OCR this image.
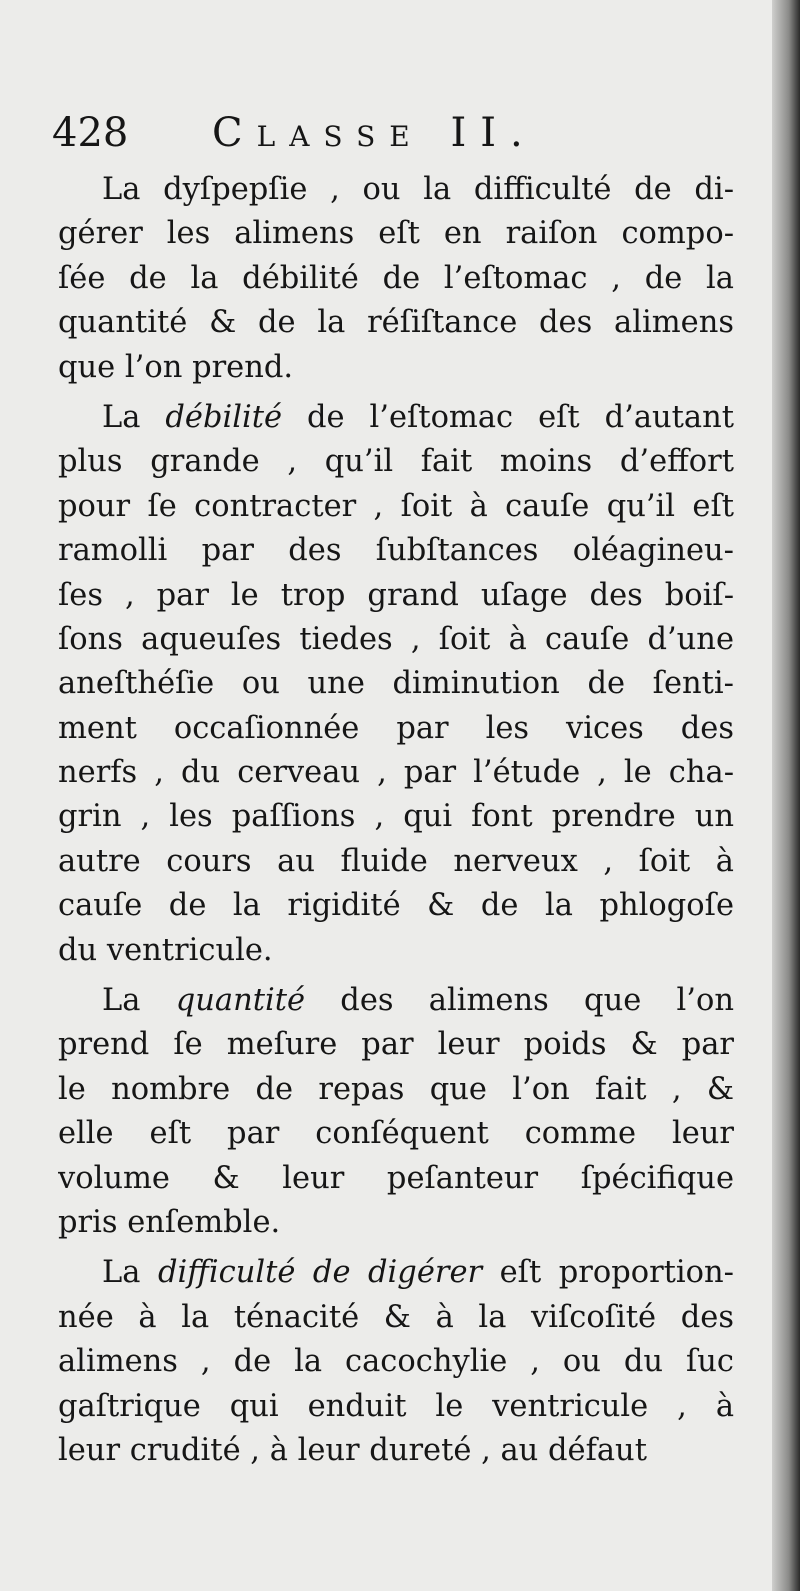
428 Classe II.
La dyſpepſie , ou la difficulté de di-
gérer les alimens eſt en raiſon compo-
ſée de la débilité de l’eſtomac , de la
quantité & de la réſiſtance des alimens
que l’on prend.
La débilité de l’eſtomac eſt d’autant
plus grande , qu’il fait moins d’effort
pour ſe contracter , ſoit à cauſe qu’il eſt
ramolli par des ſubſtances oléagineu-
ſes , par le trop grand uſage des boiſ-
ſons aqueuſes tiedes , ſoit à cauſe d’une
aneſthéſie ou une diminution de ſenti-
ment occaſionnée par les vices des
nerfs , du cerveau , par l’étude , le cha-
grin , les paſſions , qui font prendre un
autre cours au fluide nerveux , ſoit à
cauſe de la rigidité & de la phlogoſe
du ventricule.
La quantité des alimens que l’on
prend ſe meſure par leur poids & par
le nombre de repas que l’on fait , &
elle eſt par conſéquent comme leur
volume & leur peſanteur ſpécifique
pris enſemble.
La difficulté de digérer eſt proportion-
née à la ténacité & à la viſcoſité des
alimens , de la cacochylie , ou du ſuc
gaſtrique qui enduit le ventricule , à
leur crudité , à leur dureté , au défaut
